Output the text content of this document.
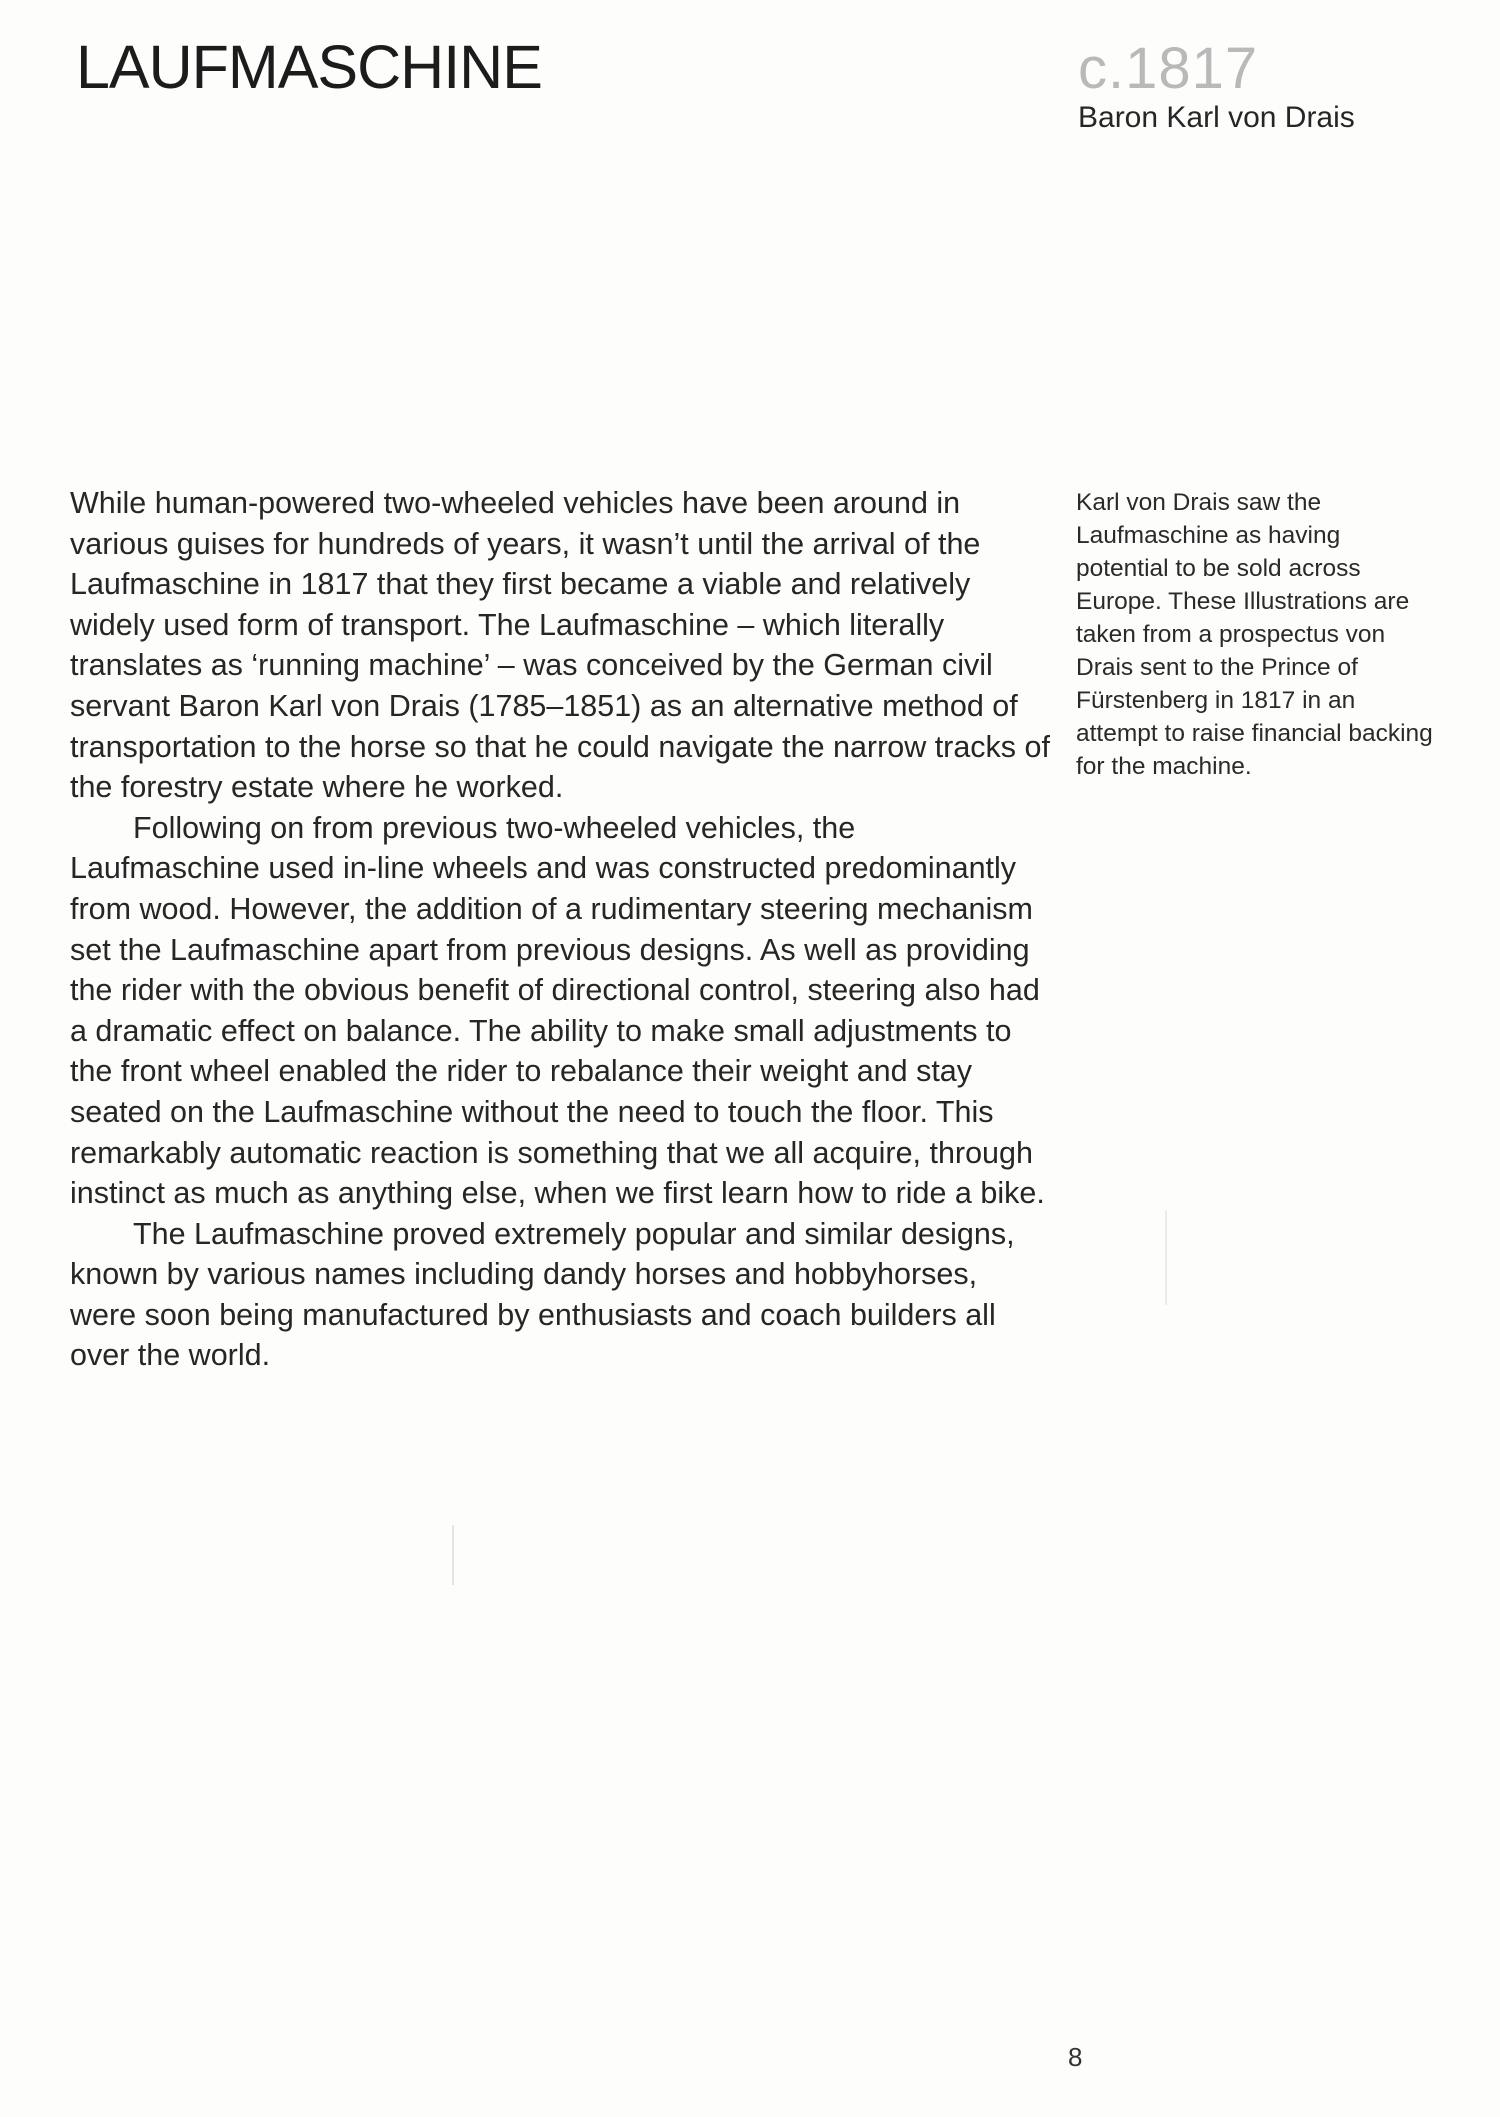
LAUFMASCHINE	c.1817
Baron Karl von Drais

While human-powered two-wheeled vehicles have been around in various guises for hundreds of years, it wasn’t until the arrival of the Laufmaschine in 1817 that they first became a viable and relatively widely used form of transport. The Laufmaschine – which literally translates as ‘running machine’ – was conceived by the German civil servant Baron Karl von Drais (1785–1851) as an alternative method of transportation to the horse so that he could navigate the narrow tracks of the forestry estate where he worked.

Following on from previous two-wheeled vehicles, the Laufmaschine used in-line wheels and was constructed predominantly from wood. However, the addition of a rudimentary steering mechanism set the Laufmaschine apart from previous designs. As well as providing the rider with the obvious benefit of directional control, steering also had a dramatic effect on balance. The ability to make small adjustments to the front wheel enabled the rider to rebalance their weight and stay seated on the Laufmaschine without the need to touch the floor. This remarkably automatic reaction is something that we all acquire, through instinct as much as anything else, when we first learn how to ride a bike.

The Laufmaschine proved extremely popular and similar designs, known by various names including dandy horses and hobbyhorses, were soon being manufactured by enthusiasts and coach builders all over the world.

Karl von Drais saw the Laufmaschine as having potential to be sold across Europe. These Illustrations are taken from a prospectus von Drais sent to the Prince of Fürstenberg in 1817 in an attempt to raise financial backing for the machine.
8
